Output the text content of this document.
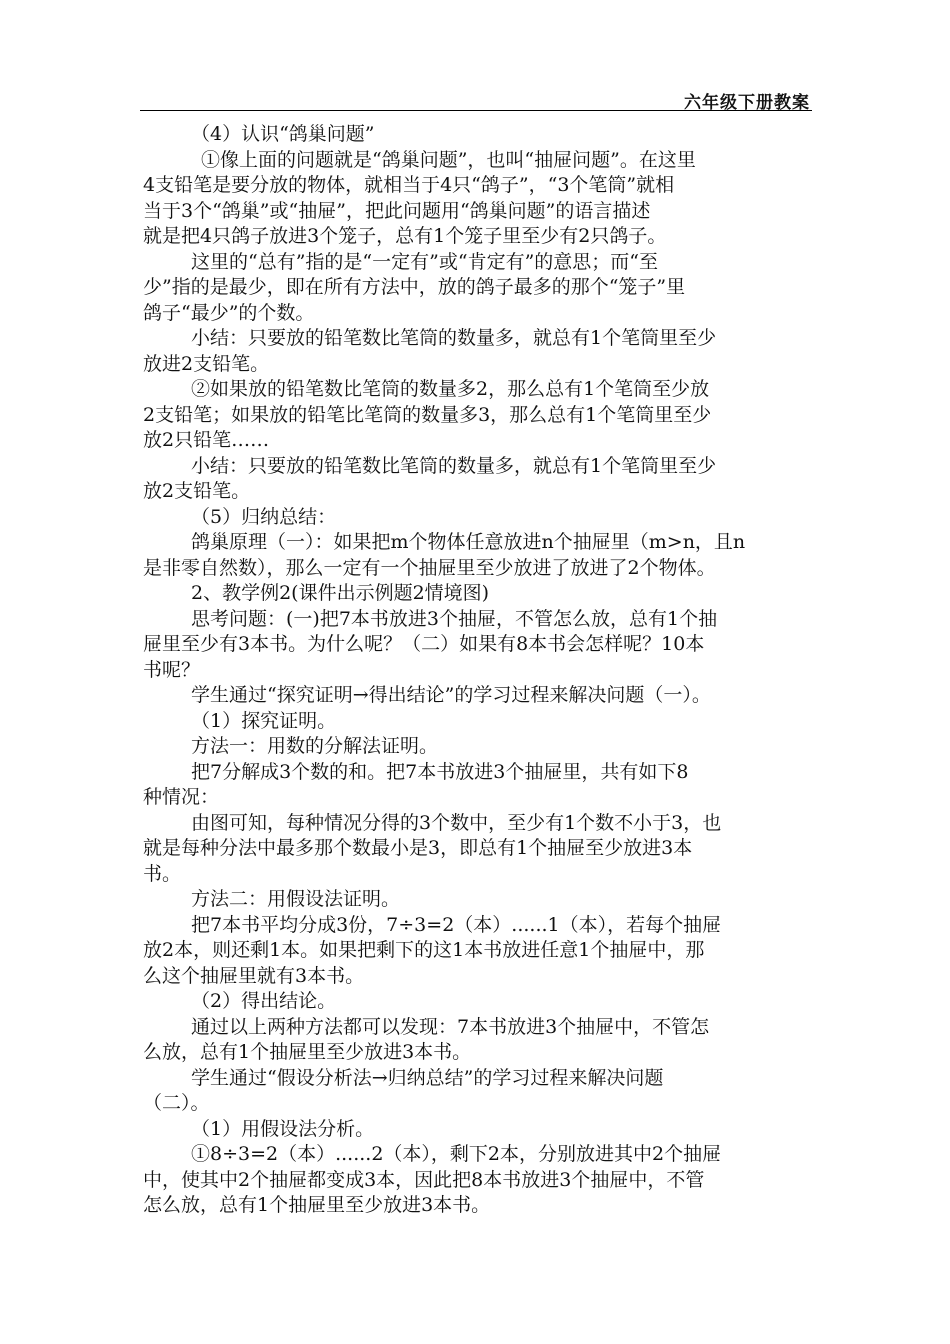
六年级下册教案
（4）认识“鸽巢问题”
①像上面的问题就是“鸽巢问题”，也叫“抽屉问题”。在这里
4支铅笔是要分放的物体，就相当于4只“鸽子”，“3个笔筒”就相
当于3个“鸽巢”或“抽屉”，把此问题用“鸽巢问题”的语言描述
就是把4只鸽子放进3个笼子，总有1个笼子里至少有2只鸽子。
这里的“总有”指的是“一定有”或“肯定有”的意思；而“至
少”指的是最少，即在所有方法中，放的鸽子最多的那个“笼子”里
鸽子“最少”的个数。
小结：只要放的铅笔数比笔筒的数量多，就总有1个笔筒里至少
放进2支铅笔。
②如果放的铅笔数比笔筒的数量多2，那么总有1个笔筒至少放
2支铅笔；如果放的铅笔比笔筒的数量多3，那么总有1个笔筒里至少
放2只铅笔……
小结：只要放的铅笔数比笔筒的数量多，就总有1个笔筒里至少
放2支铅笔。
（5）归纳总结：
鸽巢原理（一）：如果把m个物体任意放进n个抽屉里（m>n，且n
是非零自然数），那么一定有一个抽屉里至少放进了放进了2个物体。
2、教学例2(课件出示例题2情境图)
思考问题：(一)把7本书放进3个抽屉，不管怎么放，总有1个抽
屉里至少有3本书。为什么呢？（二）如果有8本书会怎样呢？10本
书呢？
学生通过“探究证明→得出结论”的学习过程来解决问题（一）。
（1）探究证明。
方法一：用数的分解法证明。
把7分解成3个数的和。把7本书放进3个抽屉里，共有如下8
种情况：
由图可知，每种情况分得的3个数中，至少有1个数不小于3，也
就是每种分法中最多那个数最小是3，即总有1个抽屉至少放进3本
书。
方法二：用假设法证明。
把7本书平均分成3份，7÷3=2（本）......1（本），若每个抽屉
放2本，则还剩1本。如果把剩下的这1本书放进任意1个抽屉中，那
么这个抽屉里就有3本书。
（2）得出结论。
通过以上两种方法都可以发现：7本书放进3个抽屉中，不管怎
么放，总有1个抽屉里至少放进3本书。
学生通过“假设分析法→归纳总结”的学习过程来解决问题
（二）。
（1）用假设法分析。
①8÷3=2（本）......2（本），剩下2本，分别放进其中2个抽屉
中，使其中2个抽屉都变成3本，因此把8本书放进3个抽屉中，不管
怎么放，总有1个抽屉里至少放进3本书。
